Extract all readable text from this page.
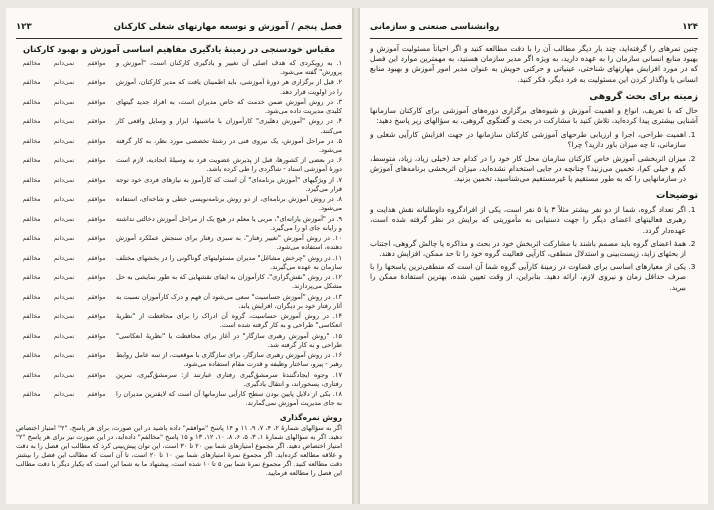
فصل پنجم / آموزش و توسعه مهارتهای شغلی کارکنان
۱۲۳
مقیاس خودسنجی در زمینهٔ یادگیری مفاهیم اساسی آموزش و بهبود کارکنان
۱. به رویکردی که هدف اصلی آن تغییر و یادگیری کارکنان است، "آموزش و پرورش" گفته می‌شود.
مخالفم	نمی‌دانم	موافقم
۲. قبل از برگزاری هر دورهٔ آموزشی، باید اطمینان یافت که مدیر کارکنان، آموزش را در اولویت قرار دهد.
مخالفم	نمی‌دانم	موافقم
۳. در روش آموزش ضمن خدمت که خاص مدیران است، به افراد جدید گیتهای کلیدی مدیریت داده می‌شود.
مخالفم	نمی‌دانم	موافقم
۴. در روش "آموزش دهلیزی" کارآموزان با ماشینها، ابزار و وسایل واقعی کار می‌کنند.
مخالفم	نمی‌دانم	موافقم
۵. در مراحل آموزش، یک نیروی فنی در رشتهٔ تخصصی مورد نظر، به کار گرفته می‌شود.
مخالفم	نمی‌دانم	موافقم
۶. در بعضی از کشورها، قبل از پذیرش عضویت فرد به وسیلهٔ اتحادیه، لازم است دورهٔ آموزشی استاد - شاگردی را طی کرده باشد.
مخالفم	نمی‌دانم	موافقم
۷. از ویژگیهای "آموزش برنامه‌ای" آن است که کارآموز به نیازهای فردی خود توجه قرار می‌گیرد.
مخالفم	نمی‌دانم	موافقم
۸. در روش آموزش برنامه‌ای، از دو روش برنامه‌نویسی خطی و شاخه‌ای، استفاده می‌شود.
مخالفم	نمی‌دانم	موافقم
۹. در "آموزش یارانه‌ای"، مربی یا معلم در هیچ یک از مراحل آموزش دخالتی نداشته و رایانه جای او را می‌گیرد.
مخالفم	نمی‌دانم	موافقم
۱۰. در روش آموزش "تغییر رفتار"، به سبزی رفتار برای سنجش عملکرد آموزش دهنده، استفاده می‌شود.
مخالفم	نمی‌دانم	موافقم
۱۱. در روش "چرخش مشاغل" مدیران مسئولیتهای گوناگونی را در بخشهای مختلف سازمان به عهده می‌گیرند.
مخالفم	نمی‌دانم	موافقم
۱۲. در روش "نقش‌گزاری"، کارآموزان به ایفای نقشهایی که به طور نمایشی به حل مشکل می‌پردازند.
مخالفم	نمی‌دانم	موافقم
۱۳. در روش "آموزش حساسیت" سعی می‌شود آن فهم و درک کارآموزان نسبت به آثار رفتار خود بر دیگران، افزایش یابد.
مخالفم	نمی‌دانم	موافقم
۱۴. در روش آموزش حساسیت، گروه آن ادراک را برای محافظت از "نظریهٔ انعکاسی" طراحی و به کار گرفته شده است.
مخالفم	نمی‌دانم	موافقم
۱۵. "روش آموزش رهبری سازگار" در آغاز برای محافظت یا "نظریهٔ انعکاسی" طراحی و به کار گرفته شد.
مخالفم	نمی‌دانم	موافقم
۱۶. در روش آموزش رهبری سازگار، برای سازگاری با موقعیت، از سه عامل روابط رهبر - پیرو، ساختار وظیفه و قدرت مقام استفاده می‌شود.
مخالفم	نمی‌دانم	موافقم
۱۷. وجوه ایجادگنندهٔ سرمشق‌گیری رفتاری عبارتند از: سرمشق‌گیری، تمرین رفتاری، پسخوراند، و انتقال یادگیری.
مخالفم	نمی‌دانم	موافقم
۱۸. یکی از دلایل پایین بودن سطح کارآیی سازمانها آن است که لایقترین مدیران را به جای مدیریت آموزش نمی‌گمارند.
مخالفم	نمی‌دانم	موافقم
روش نمره‌گذاری

اگر به سؤالهای شمارهٔ ۲، ۴، ۷، ۹، ۱۱ و ۱۴ پاسخ "موافقم" داده باشید در این صورت، برای هر پاسخ، "۲" امتیاز اختصاص دهید. اگر به سؤالهای شمارهٔ ۱، ۳، ۵، ۶، ۸، ۱۰، ۱۲، ۱۳ و ۱۵ پاسخ "مخالفم" داده‌اید، در این صورت نیز برای هر پاسخ "۲" امتیاز اختصاص دهید. اگر مجموع امتیازهای شما بین ۲۰ تا ۳۰ است، این توان پیش‌بینی کرد که مطالب این فصل را به دقت و علاقه مطالعه کرده‌اید. اگر مجموع نمرهٔ امتیازهای شما بین ۱۰ تا ۲۰ است، تا آن است که مطالب این فصل را بیشتر دقت مطالعه کنید. اگر مجموع نمرهٔ شما بین ۵ تا ۱۰ شده است، پیشنهاد ما به شما این است که یکبار دیگر با دقت مطالب این فصل را مطالعه فرمایید.

۱۲۴
روانشناسی صنعتی و سازمانی

چنین تمرهای را گرفته‌اید، چند بار دیگر مطالب آن را با دقت مطالعه کنید و اگر احیاناً مسئولیت آموزش و بهبود منابع انسانی سازمان را به عهده دارید، به ویژه اگر مدیر سازمان هستید، به مهمترین موارد این فصل که در مورد افزایش مهارتهای شناختی، عینیاتی و حرکتی خویش به عنوان مدیر امور آموزش و بهبود منابع انسانی یا واگذار کردن این مسئولیت به فرد دیگر، فکر کنید.

زمینه برای بحث گروهی

حال که با تعریف، انواع و اهمیت آموزش و شیوه‌های برگزاری دوره‌های آموزشی برای کارکنان سازمانها آشنایی بیشتری پیدا کرده‌اید، تلاش کنید با مشارکت در بحث و گفتگوی گروهی، به سؤالهای زیر پاسخ دهید:

1. اهمیت طراحی، اجرا و ارزیابی طرحهای آموزشی کارکنان سازمانها در جهت افزایش کارآیی شغلی و سازمانی، تا چه میزان باور دارید؟ چرا؟
2. میزان اثربخشی آموزش خاص کارکنان سازمان محل کار خود را در کدام حد (خیلی زیاد، زیاد، متوسط، کم و خیلی کم)، تخمین می‌زنید؟ چنانچه در جایی استخدام نشده‌اید، میزان اثربخشی برنامه‌های آموزش در سازمانهایی را که به طور مستقیم یا غیرمستقیم می‌شناسید، تخمین بزنید.
توضیحات
1. اگر تعداد گروه، شما از دو نفر بیشتر مثلاً ۳ یا ۵ نفر است، یکی از افرادگروه داوطلبانه نقش هدایت و رهبری فعالیتهای اعضای دیگر را جهت دستیابی به مأموریتی که برایش در نظر گرفته شده است، عهده‌دار گردد.
2. همهٔ اعضای گروه باید مصمم باشند با مشارکت اثربخش خود در بحث و مذاکره یا چالش گروهی، اجتناب از بحثهای زاید، زیست‌بینی و استدلال منطقی، کارآیی فعالیت گروه خود را تا حد ممکن، افزایش دهند.
3. یکی از معیارهای اساسی برای قضاوت در زمینهٔ کارآیی گروه شما آن است که منطقی‌ترین پاسخها را با صرف حداقل زمان و نیروی لازم، ارائه دهید. بنابراین، از وقت تعیین شده، بهترین استفادهٔ ممکن را ببرید.
